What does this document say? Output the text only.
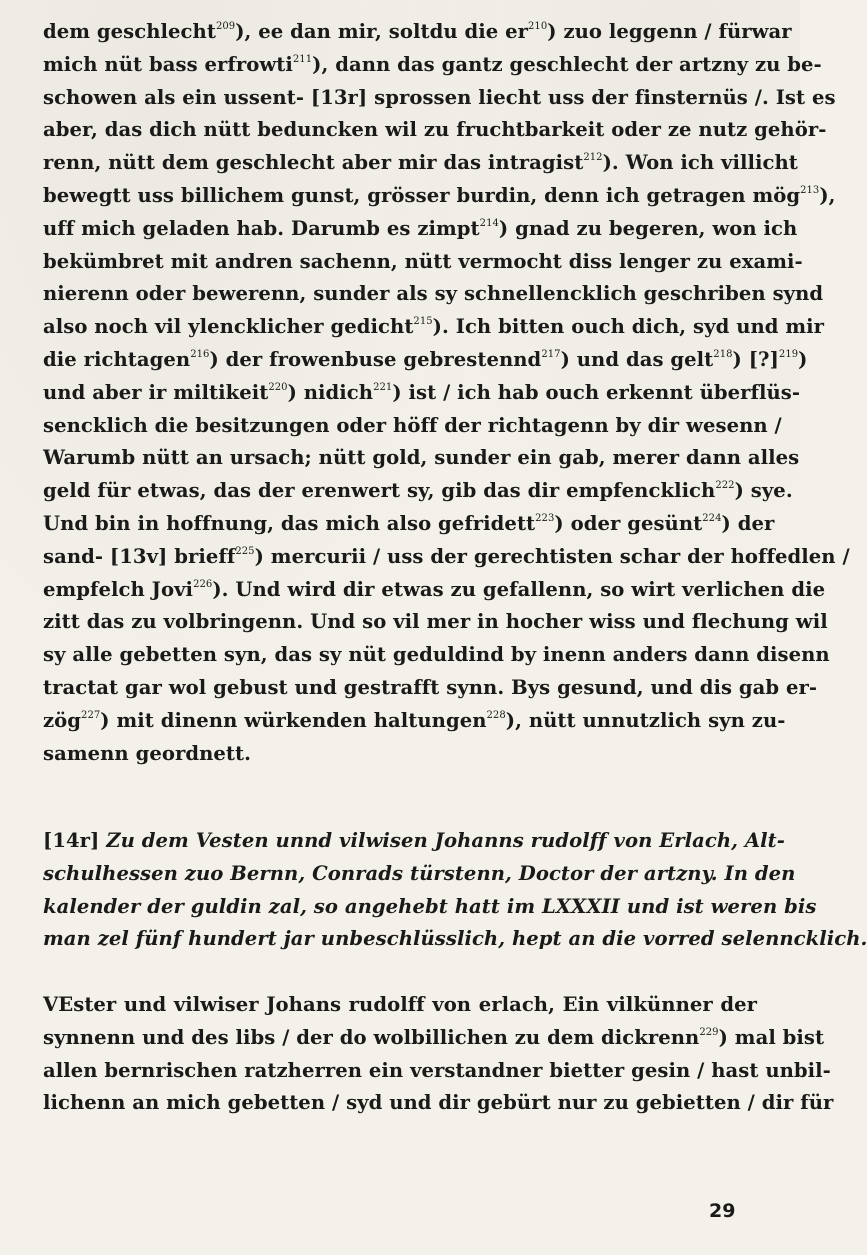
dem geschlecht$^{209}$), ee dan mir, soltdu die $er^{210}$) zuo leggenn / fürwar
mich nüt bass erfrowti$^{211}$), dann das gantz geschlecht der artzny zu be-
schowen als ein ussent- [13r] sprossen liecht uss der finsternüs /. Ist es
aber, das dich nütt beduncken wil zu fruchtbarkeit oder ze nutz gehör-
renn, nütt dem geschlecht aber mir das intragist$^{212}$). Won ich villicht
bewegtt uss billichem gunst, grösser burdin, denn ich getragen mög$^{213}$),
uff mich geladen hab. Darumb es zimpt$^{214}$) gnad zu begeren, won ich
bekümbret mit andren sachenn, nütt vermocht diss lenger zu exami-
nierenn oder bewerenn, sunder als sy schnellencklich geschriben synd
also noch vil ylencklicher gedicht$^{215}$). Ich bitten ouch dich, syd und mir
die richtagen$^{216}$) der frowenbuse gebrestennd$^{217}$) und das gelt$^{218}$) [?]$^{219}$)
und aber ir miltikeit$^{220}$) nidich$^{221}$) ist / ich hab ouch erkennt überflüs-
sencklich die besitzungen oder höff der richtagenn by dir wesenn /
Warumb nütt an ursach; nütt gold, sunder ein gab, merer dann alles
geld für etwas, das der erenwert sy, gib das dir empfencklich$^{222}$) sye.
Und bin in hoffnung, das mich also gefridett$^{223}$) oder gesünt$^{224}$) der
sand- [13v] brieff$^{225}$) mercurii / uss der gerechtisten schar der hoffedlen /
empfelch Jovi$^{226}$). Und wird dir etwas zu gefallenn, so wirt verlichen die
zitt das zu volbringenn. Und so vil mer in hocher wiss und flechung wil
sy alle gebetten syn, das sy nüt geduldind by inenn anders dann disenn
tractat gar wol gebust und gestrafft synn. Bys gesund, und dis gab er-
zög$^{227}$) mit dinenn würkenden haltungen$^{228}$), nütt unnutzlich syn zu-
samenn geordnett.
[14r] Zu dem Vesten unnd vilwisen Johanns rudolff von Erlach, Alt-
schulhessen zuo Bernn, Conrads türstenn, Doctor der artzny. In den
kalender der guldin zal, so angehebt hatt im LXXXII und ist weren bis
man zel fünf hundert jar unbeschlüsslich, hept an die vorred selenncklich.
VEster und vilwiser Johans rudolff von erlach, Ein vilkünner der
synnenn und des libs / der do wolbillichen zu dem dickrenn$^{229}$) mal bist
allen bernrischen ratzherren ein verstandner bietter gesin / hast unbil-
lichenn an mich gebetten / syd und dir gebürt nur zu gebietten / dir für
29
